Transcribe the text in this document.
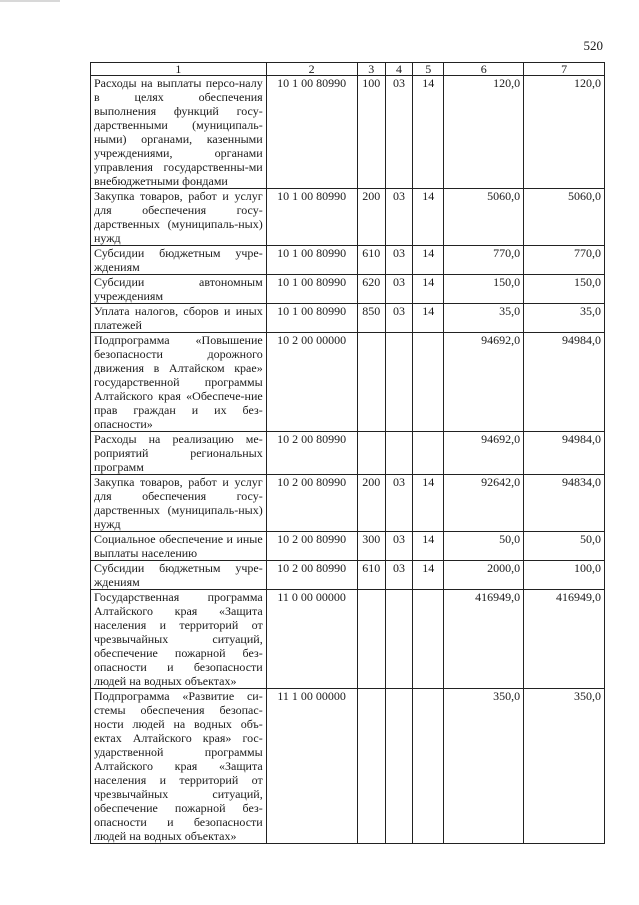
520
1	2	3	4	5	6	7
Расходы на выплаты персо-налу в целях обеспечения выполнения функций госу-дарственными (муниципаль-ными) органами, казенными учреждениями, органами управления государственны-ми внебюджетными фондами	10 1 00 80990	100	03	14	120,0	120,0
Закупка товаров, работ и услуг для обеспечения госу-дарственных (муниципаль-ных) нужд	10 1 00 80990	200	03	14	5060,0	5060,0
Субсидии бюджетным учре-ждениям	10 1 00 80990	610	03	14	770,0	770,0
Субсидии автономным учреждениям	10 1 00 80990	620	03	14	150,0	150,0
Уплата налогов, сборов и иных платежей	10 1 00 80990	850	03	14	35,0	35,0
Подпрограмма «Повышение безопасности дорожного движения в Алтайском крае» государственной программы Алтайского края «Обеспече-ние прав граждан и их без-опасности»	10 2 00 00000				94692,0	94984,0
Расходы на реализацию ме-роприятий региональных программ	10 2 00 80990				94692,0	94984,0
Закупка товаров, работ и услуг для обеспечения госу-дарственных (муниципаль-ных) нужд	10 2 00 80990	200	03	14	92642,0	94834,0
Социальное обеспечение и иные выплаты населению	10 2 00 80990	300	03	14	50,0	50,0
Субсидии бюджетным учре-ждениям	10 2 00 80990	610	03	14	2000,0	100,0
Государственная программа Алтайского края «Защита населения и территорий от чрезвычайных ситуаций, обеспечение пожарной без-опасности и безопасности людей на водных объектах»	11 0 00 00000				416949,0	416949,0
Подпрограмма «Развитие си-стемы обеспечения безопас-ности людей на водных объ-ектах Алтайского края» гос-ударственной программы Алтайского края «Защита населения и территорий от чрезвычайных ситуаций, обеспечение пожарной без-опасности и безопасности людей на водных объектах»	11 1 00 00000				350,0	350,0
